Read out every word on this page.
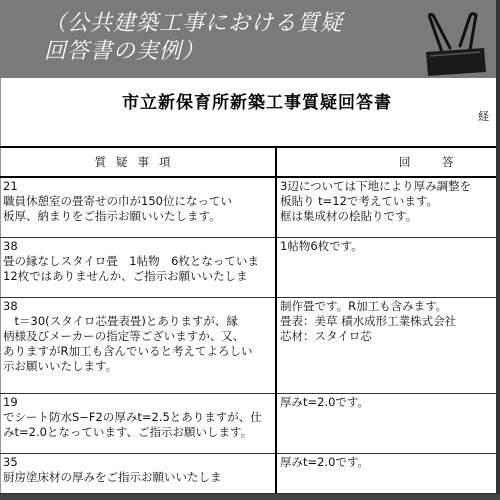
（公共建築工事における質疑
回答書の実例）
市立新保育所新築工事質疑回答書
経
質疑事項	回　答

21
職員休憩室の畳寄せの巾が150位になってい
板厚、納まりをご指示お願いいたします。	3辺については下地により厚み調整を
板貼り t=12で考えています。
框は集成材の桧貼りです。

38
畳の縁なしスタイロ畳　1帖物　6枚となっていま
12枚ではありませんか、ご指示お願いいたしま	1帖物6枚です。

38
　t＝30(スタイロ芯畳表畳)とありますが、縁
柄様及びメーカーの指定等ございますか、又、
ありますがR加工も含んでいると考えてよろしい
示お願いいたします。	制作畳です。R加工も含みます。
畳表：美草 積水成形工業株式会社
芯材：スタイロ芯

19
でシート防水S−F2の厚みt=2.5とありますが、仕
みt=2.0となっています、ご指示お願いします。	厚みt=2.0です。

35
厨房塗床材の厚みをご指示お願いいたしま	厚みt=2.0です。
